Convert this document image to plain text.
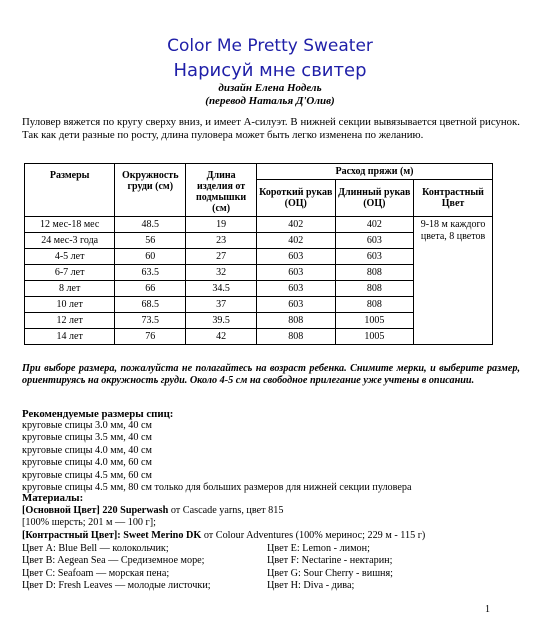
Color Me Pretty Sweater
Нарисуй мне свитер
дизайн Елена Нодель
(перевод Наталья Д'Олив)
Пуловер вяжется по кругу сверху вниз, и имеет А-силуэт. В нижней секции вывязывается цветной рисунок. Так как дети разные по росту, длина пуловера может быть легко изменена по желанию.
Размеры	Окружность груди (см)	Длина изделия от подмышки (см)	Расход пряжи (м)		
			Короткий рукав (ОЦ)	Длинный рукав (ОЦ)	Контрастный Цвет
12 мес-18 мес	48.5	19	402	402	9-18 м каждого цвета, 8 цветов
24 мес-3 года	56	23	402	603	
4-5 лет	60	27	603	603	
6-7 лет	63.5	32	603	808	
8 лет	66	34.5	603	808	
10 лет	68.5	37	603	808	
12 лет	73.5	39.5	808	1005	
14 лет	76	42	808	1005	
При выборе размера, пожалуйста не полагайтесь на возраст ребенка. Снимите мерки, и выберите размер, ориентируясь на окружность груди. Около 4-5 см на свободное прилегание уже учтены в описании.
Рекомендуемые размеры спиц:
круговые спицы 3.0 мм, 40 см
круговые спицы 3.5 мм, 40 см
круговые спицы 4.0 мм, 40 см
круговые спицы 4.0 мм, 60 см
круговые спицы 4.5 мм, 60 см
круговые спицы 4.5 мм, 80 см только для больших размеров для нижней секции пуловера
Материалы:
[Основной Цвет] 220 Superwash от Cascade yarns, цвет 815
[100% шерсть; 201 м — 100 г];
[Контрастный Цвет]: Sweet Merino DK от Colour Adventures (100% меринос; 229 м - 115 г)
Цвет A: Blue Bell — колокольчик;	Цвет E: Lemon - лимон;
Цвет B: Aegean Sea — Средиземное море;	Цвет F: Nectarine - нектарин;
Цвет C: Seafoam — морская пена;	Цвет G: Sour Cherry - вишня;
Цвет D: Fresh Leaves — молодые листочки;	Цвет H: Diva - дива;
1
